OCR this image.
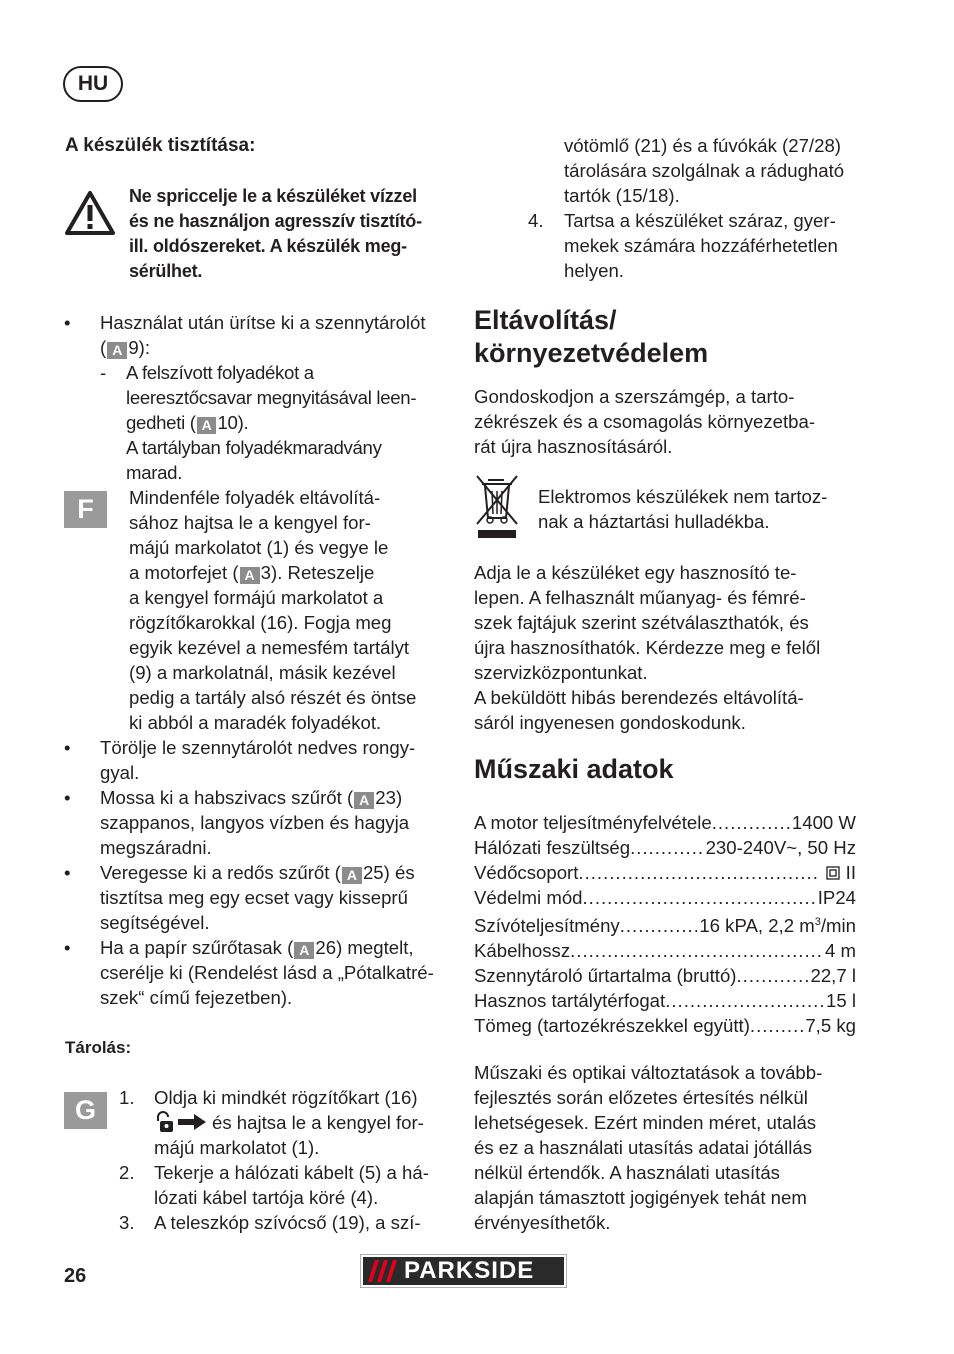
HU
A készülék tisztítása:
Ne spriccelje le a készüléket vízzel
és ne használjon agresszív tisztító-
ill. oldószereket. A készülék meg-
sérülhet.
• Használat után ürítse ki a szennytárolót
( A 9):
- A felszívott folyadékot a
leeresztőcsavar megnyitásával leen-
gedheti ( A 10).
A tartályban folyadékmaradvány
marad.
F	Mindenféle folyadék eltávolítá-
sához hajtsa le a kengyel for-
májú markolatot (1) és vegye le
a motorfejet ( A 3). Reteszelje
a kengyel formájú markolatot a
rögzítőkarokkal (16). Fogja meg
egyik kezével a nemesfém tartályt
(9) a markolatnál, másik kezével
pedig a tartály alsó részét és öntse
ki abból a maradék folyadékot.
• Törölje le szennytárolót nedves rongy-
gyal.
• Mossa ki a habszivacs szűrőt ( A 23)
szappanos, langyos vízben és hagyja
megszáradni.
• Veregesse ki a redős szűrőt ( A 25) és
tisztítsa meg egy ecset vagy kisseprű
segítségével.
• Ha a papír szűrőtasak ( A 26) megtelt,
cserélje ki (Rendelést lásd a „Pótalkatré-
szek“ című fejezetben).
Tárolás:
G	1. Oldja ki mindkét rögzítőkart (16)
és hajtsa le a kengyel for-
májú markolatot (1).
2. Tekerje a hálózati kábelt (5) a há-
lózati kábel tartója köré (4).
3. A teleszkóp szívócső (19), a szí-
vótömlő (21) és a fúvókák (27/28)
tárolására szolgálnak a rádugható
tartók (15/18).
4. Tartsa a készüléket száraz, gyer-
mekek számára hozzáférhetetlen
helyen.
Eltávolítás/
környezetvédelem
Gondoskodjon a szerszámgép, a tarto-
zékrészek és a csomagolás környezetba-
rát újra hasznosításáról.
Elektromos készülékek nem tartoz-
nak a háztartási hulladékba.
Adja le a készüléket egy hasznosító te-
lepen. A felhasznált műanyag- és fémré-
szek fajtájuk szerint szétválaszthatók, és
újra hasznosíthatók. Kérdezze meg e felől
szervizközpontunkat.
A beküldött hibás berendezés eltávolítá-
sáról ingyenesen gondoskodunk.
Műszaki adatok
A motor teljesítményfelvétele .....	1400 W
Hálózati feszültség .....	230-240V~, 50 Hz
Védőcsoport .....	II
Védelmi mód .....	IP24
Szívóteljesítmény .....	16 kPA, 2,2 $m^3/\min$
Kábelhossz .....	4 m
Szennytároló űrtartalma (bruttó) .....	22,7 l
Hasznos tartálytérfogat .....	15 l
Tömeg (tartozékrészekkel együtt) .....	7,5 kg
Műszaki és optikai változtatások a tovább-
fejlesztés során előzetes értesítés nélkül
lehetségesek. Ezért minden méret, utalás
és ez a használati utasítás adatai jótállás
nélkül értendők. A használati utasítás
alapján támasztott jogigények tehát nem
érvényesíthetők.
26	PARKSIDE
